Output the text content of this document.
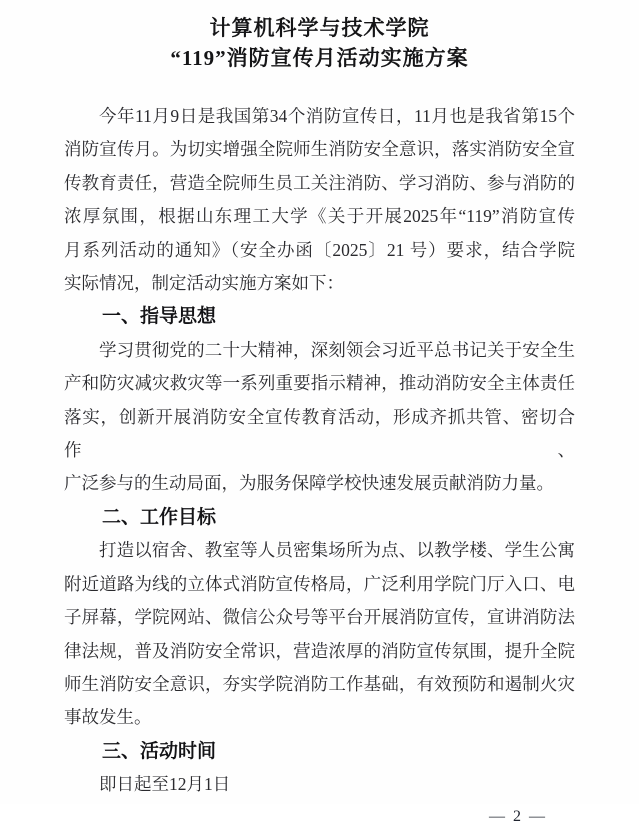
计算机科学与技术学院
“119”消防宣传月活动实施方案
今年11月9日是我国第34个消防宣传日，11月也是我省第15个
消防宣传月。为切实增强全院师生消防安全意识，落实消防安全宣
传教育责任，营造全院师生员工关注消防、学习消防、参与消防的
浓厚氛围，根据山东理工大学《关于开展2025年“119”消防宣传
月系列活动的通知》（安全办函〔2025〕21 号）要求，结合学院
实际情况，制定活动实施方案如下：
一、指导思想
学习贯彻党的二十大精神，深刻领会习近平总书记关于安全生
产和防灾减灾救灾等一系列重要指示精神，推动消防安全主体责任
落实，创新开展消防安全宣传教育活动，形成齐抓共管、密切合作、
广泛参与的生动局面，为服务保障学校快速发展贡献消防力量。
二、工作目标
打造以宿舍、教室等人员密集场所为点、以教学楼、学生公寓
附近道路为线的立体式消防宣传格局，广泛利用学院门厅入口、电
子屏幕，学院网站、微信公众号等平台开展消防宣传，宣讲消防法
律法规，普及消防安全常识，营造浓厚的消防宣传氛围，提升全院
师生消防安全意识，夯实学院消防工作基础，有效预防和遏制火灾
事故发生。
三、活动时间
即日起至12月1日
— 2 —
